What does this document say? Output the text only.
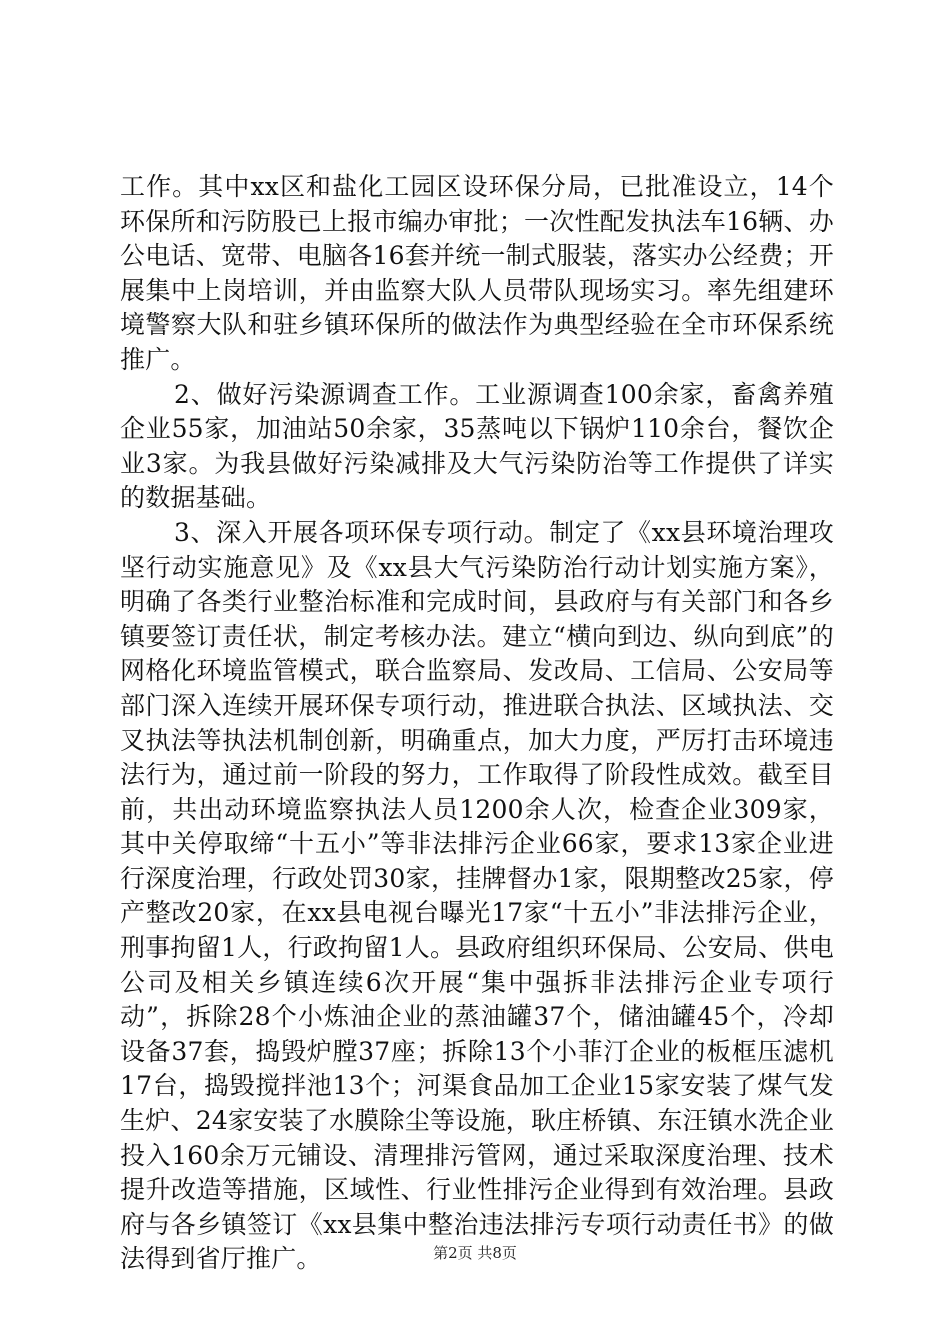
工作。其中xx区和盐化工园区设环保分局，已批准设立，14个环保所和污防股已上报市编办审批；一次性配发执法车16辆、办公电话、宽带、电脑各16套并统一制式服装，落实办公经费；开展集中上岗培训，并由监察大队人员带队现场实习。率先组建环境警察大队和驻乡镇环保所的做法作为典型经验在全市环保系统推广。

2、做好污染源调查工作。工业源调查100余家，畜禽养殖企业55家，加油站50余家，35蒸吨以下锅炉110余台，餐饮企业3家。为我县做好污染减排及大气污染防治等工作提供了详实的数据基础。

3、深入开展各项环保专项行动。制定了《xx县环境治理攻坚行动实施意见》及《xx县大气污染防治行动计划实施方案》，明确了各类行业整治标准和完成时间，县政府与有关部门和各乡镇要签订责任状，制定考核办法。建立“横向到边、纵向到底”的网格化环境监管模式，联合监察局、发改局、工信局、公安局等部门深入连续开展环保专项行动，推进联合执法、区域执法、交叉执法等执法机制创新，明确重点，加大力度，严厉打击环境违法行为，通过前一阶段的努力，工作取得了阶段性成效。截至目前，共出动环境监察执法人员1200余人次，检查企业309家，其中关停取缔“十五小”等非法排污企业66家，要求13家企业进行深度治理，行政处罚30家，挂牌督办1家，限期整改25家，停产整改20家，在xx县电视台曝光17家“十五小”非法排污企业，刑事拘留1人，行政拘留1人。县政府组织环保局、公安局、供电公司及相关乡镇连续6次开展“集中强拆非法排污企业专项行动”，拆除28个小炼油企业的蒸油罐37个，储油罐45个，冷却设备37套，捣毁炉膛37座；拆除13个小菲汀企业的板框压滤机17台，捣毁搅拌池13个；河渠食品加工企业15家安装了煤气发生炉、24家安装了水膜除尘等设施，耿庄桥镇、东汪镇水洗企业投入160余万元铺设、清理排污管网，通过采取深度治理、技术提升改造等措施，区域性、行业性排污企业得到有效治理。县政府与各乡镇签订《xx县集中整治违法排污专项行动责任书》的做法得到省厅推广。	第2页 共8页
